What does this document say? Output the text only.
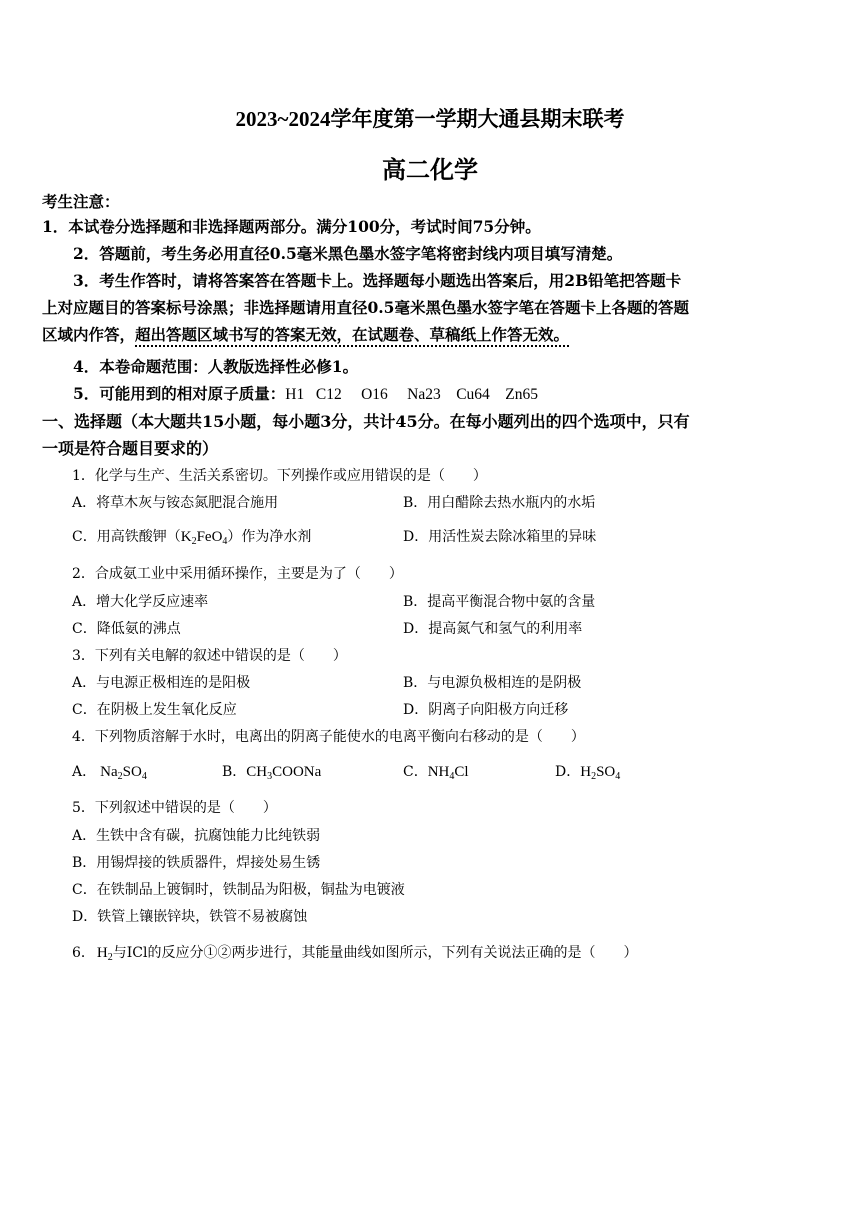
2023~2024学年度第一学期大通县期末联考
高二化学
考生注意：
1．本试卷分选择题和非选择题两部分。满分100分，考试时间75分钟。
2．答题前，考生务必用直径0.5毫米黑色墨水签字笔将密封线内项目填写清楚。
3．考生作答时，请将答案答在答题卡上。选择题每小题选出答案后，用2B铅笔把答题卡
上对应题目的答案标号涂黑；非选择题请用直径0.5毫米黑色墨水签字笔在答题卡上各题的答题
区域内作答，超出答题区域书写的答案无效，在试题卷、草稿纸上作答无效。
4．本卷命题范围：人教版选择性必修1。
5．可能用到的相对原子质量：H1   C12     O16     Na23    Cu64    Zn65
一、选择题（本大题共15小题，每小题3分，共计45分。在每小题列出的四个选项中，只有
一项是符合题目要求的）
1．化学与生产、生活关系密切。下列操作或应用错误的是（　　）
A．将草木灰与铵态氮肥混合施用	B．用白醋除去热水瓶内的水垢
C．用高铁酸钾$(K_2FeO_4)$作为净水剂	D．用活性炭去除冰箱里的异味
2．合成氨工业中采用循环操作，主要是为了（　　）
A．增大化学反应速率	B．提高平衡混合物中氨的含量
C．降低氨的沸点	D．提高氮气和氢气的利用率
3．下列有关电解的叙述中错误的是（　　）
A．与电源正极相连的是阳极	B．与电源负极相连的是阴极
C．在阴极上发生氧化反应	D．阴离子向阳极方向迁移
4．下列物质溶解于水时，电离出的阴离子能使水的电离平衡向右移动的是（　　）
A． $Na_2SO_4$	B．$CH_3COONa$	C．$NH_4Cl$	D．$H_2SO_4$
5．下列叙述中错误的是（　　）
A．生铁中含有碳，抗腐蚀能力比纯铁弱
B．用锡焊接的铁质器件，焊接处易生锈
C．在铁制品上镀铜时，铁制品为阳极，铜盐为电镀液
D．铁管上镶嵌锌块，铁管不易被腐蚀
6． $H_2$与ICl的反应分①②两步进行，其能量曲线如图所示，下列有关说法正确的是（　　）
